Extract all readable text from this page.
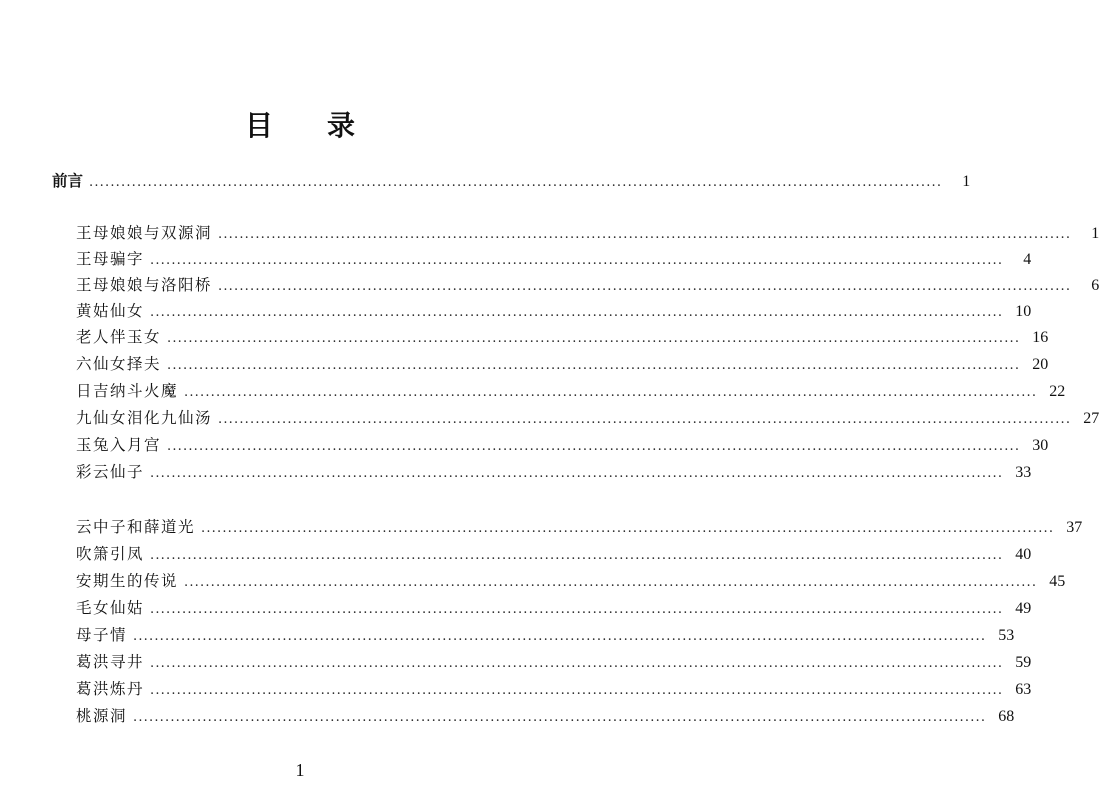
目 录
前言 ................................................................................................................................................................	1
王母娘娘与双源洞 ................................................................................................................................................................	1
王母骗字 ................................................................................................................................................................	4
王母娘娘与洛阳桥 ................................................................................................................................................................	6
黄姑仙女 ................................................................................................................................................................ 10
老人伴玉女 ................................................................................................................................................................ 16
六仙女择夫 ................................................................................................................................................................ 20
日吉纳斗火魔 ................................................................................................................................................................ 22
九仙女泪化九仙汤 ................................................................................................................................................................ 27
玉兔入月宫 ................................................................................................................................................................ 30
彩云仙子 ................................................................................................................................................................ 33
云中子和薛道光 ................................................................................................................................................................ 37
吹箫引凤 ................................................................................................................................................................ 40
安期生的传说 ................................................................................................................................................................ 45
毛女仙姑 ................................................................................................................................................................ 49
母子情 ................................................................................................................................................................ 53
葛洪寻井 ................................................................................................................................................................ 59
葛洪炼丹 ................................................................................................................................................................ 63
桃源洞 ................................................................................................................................................................ 68
1
